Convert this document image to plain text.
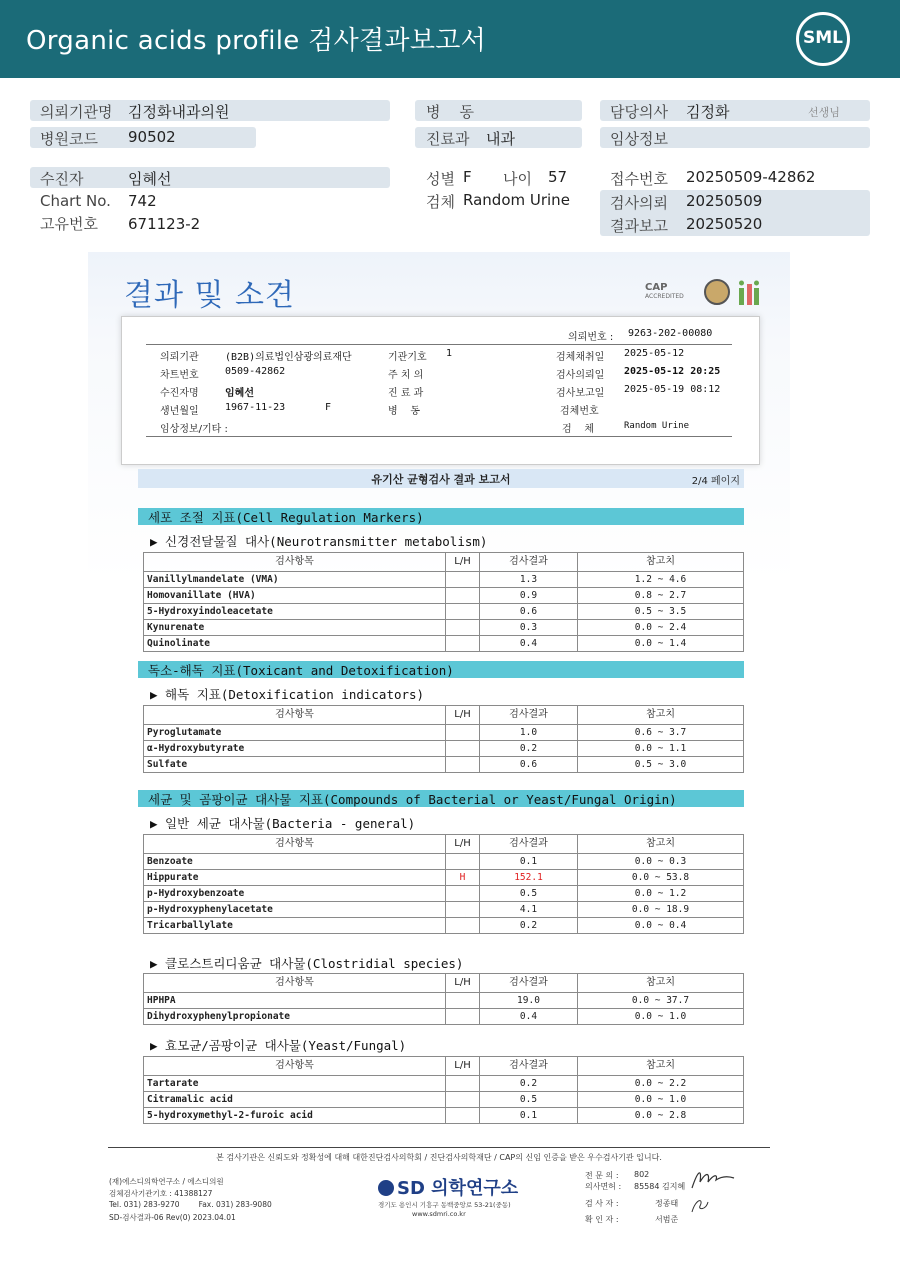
Organic acids profile 검사결과보고서	SML
의뢰기관명 김정화내과의원
병원코드 90502
병    동
진료과 내과
담당의사 김정화	선생님
임상정보
수진자	임혜선
Chart No. 742
고유번호 671123-2
성별 F 나이 57
검체 Random Urine
접수번호 20250509-42862
검사의뢰 20250509
결과보고 20250520
결과 및 소견	CAP
ACCREDITED
의뢰번호 : 9263-202-00080
의뢰기관	(B2B)의료법인삼광의료재단	기관기호 1	검체채취일 2025-05-12
차트번호	0509-42862	주 치 의	검사의뢰일 2025-05-12 20:25
수진자명	임혜선	진 료 과	검사보고일 2025-05-19 08:12
생년월일	1967-11-23	F	병    동	검체번호
임상정보/기타 :	검    체	Random Urine
유기산 균형검사 결과 보고서	2/4 페이지
세포 조절 지표(Cell Regulation Markers)
▶ 신경전달물질 대사(Neurotransmitter metabolism)
검사항목	L/H	검사결과	참고치
Vanillylmandelate (VMA)		1.3	1.2 ~ 4.6
Homovanillate (HVA)		0.9	0.8 ~ 2.7
5-Hydroxyindoleacetate		0.6	0.5 ~ 3.5
Kynurenate		0.3	0.0 ~ 2.4
Quinolinate		0.4	0.0 ~ 1.4
독소-해독 지표(Toxicant and Detoxification)
▶ 해독 지표(Detoxification indicators)
검사항목	L/H	검사결과	참고치
Pyroglutamate		1.0	0.6 ~ 3.7
α-Hydroxybutyrate		0.2	0.0 ~ 1.1
Sulfate		0.6	0.5 ~ 3.0
세균 및 곰팡이균 대사물 지표(Compounds of Bacterial or Yeast/Fungal Origin)
▶ 일반 세균 대사물(Bacteria - general)
검사항목	L/H	검사결과	참고치
Benzoate		0.1	0.0 ~ 0.3
Hippurate	H	152.1	0.0 ~ 53.8
p-Hydroxybenzoate		0.5	0.0 ~ 1.2
p-Hydroxyphenylacetate		4.1	0.0 ~ 18.9
Tricarballylate		0.2	0.0 ~ 0.4
▶ 클로스트리디움균 대사물(Clostridial species)
검사항목	L/H	검사결과	참고치
HPHPA		19.0	0.0 ~ 37.7
Dihydroxyphenylpropionate		0.4	0.0 ~ 1.0
▶ 효모균/곰팡이균 대사물(Yeast/Fungal)
검사항목	L/H	검사결과	참고치
Tartarate		0.2	0.0 ~ 2.2
Citramalic acid		0.5	0.0 ~ 1.0
5-hydroxymethyl-2-furoic acid		0.1	0.0 ~ 2.8
본 검사기관은 신뢰도와 정확성에 대해 대한진단검사의학회 / 진단검사의학재단 / CAP의 신임 인증을 받은 우수검사기관 입니다.
(재)에스디의학연구소 / 에스디의원
검체검사기관기호 : 41388127
Tel. 031) 283-9270        Fax. 031) 283-9080
SD-검사결과-06 Rev(0) 2023.04.01
SD 의학연구소
경기도 용인시 기흥구 동백중앙로 53-21(중동)
www.sdmri.co.kr
전 문 의 : 802
의사면허 : 85584 김지혜
검 사 자 :	정종태
확 인 자 :	서범준
